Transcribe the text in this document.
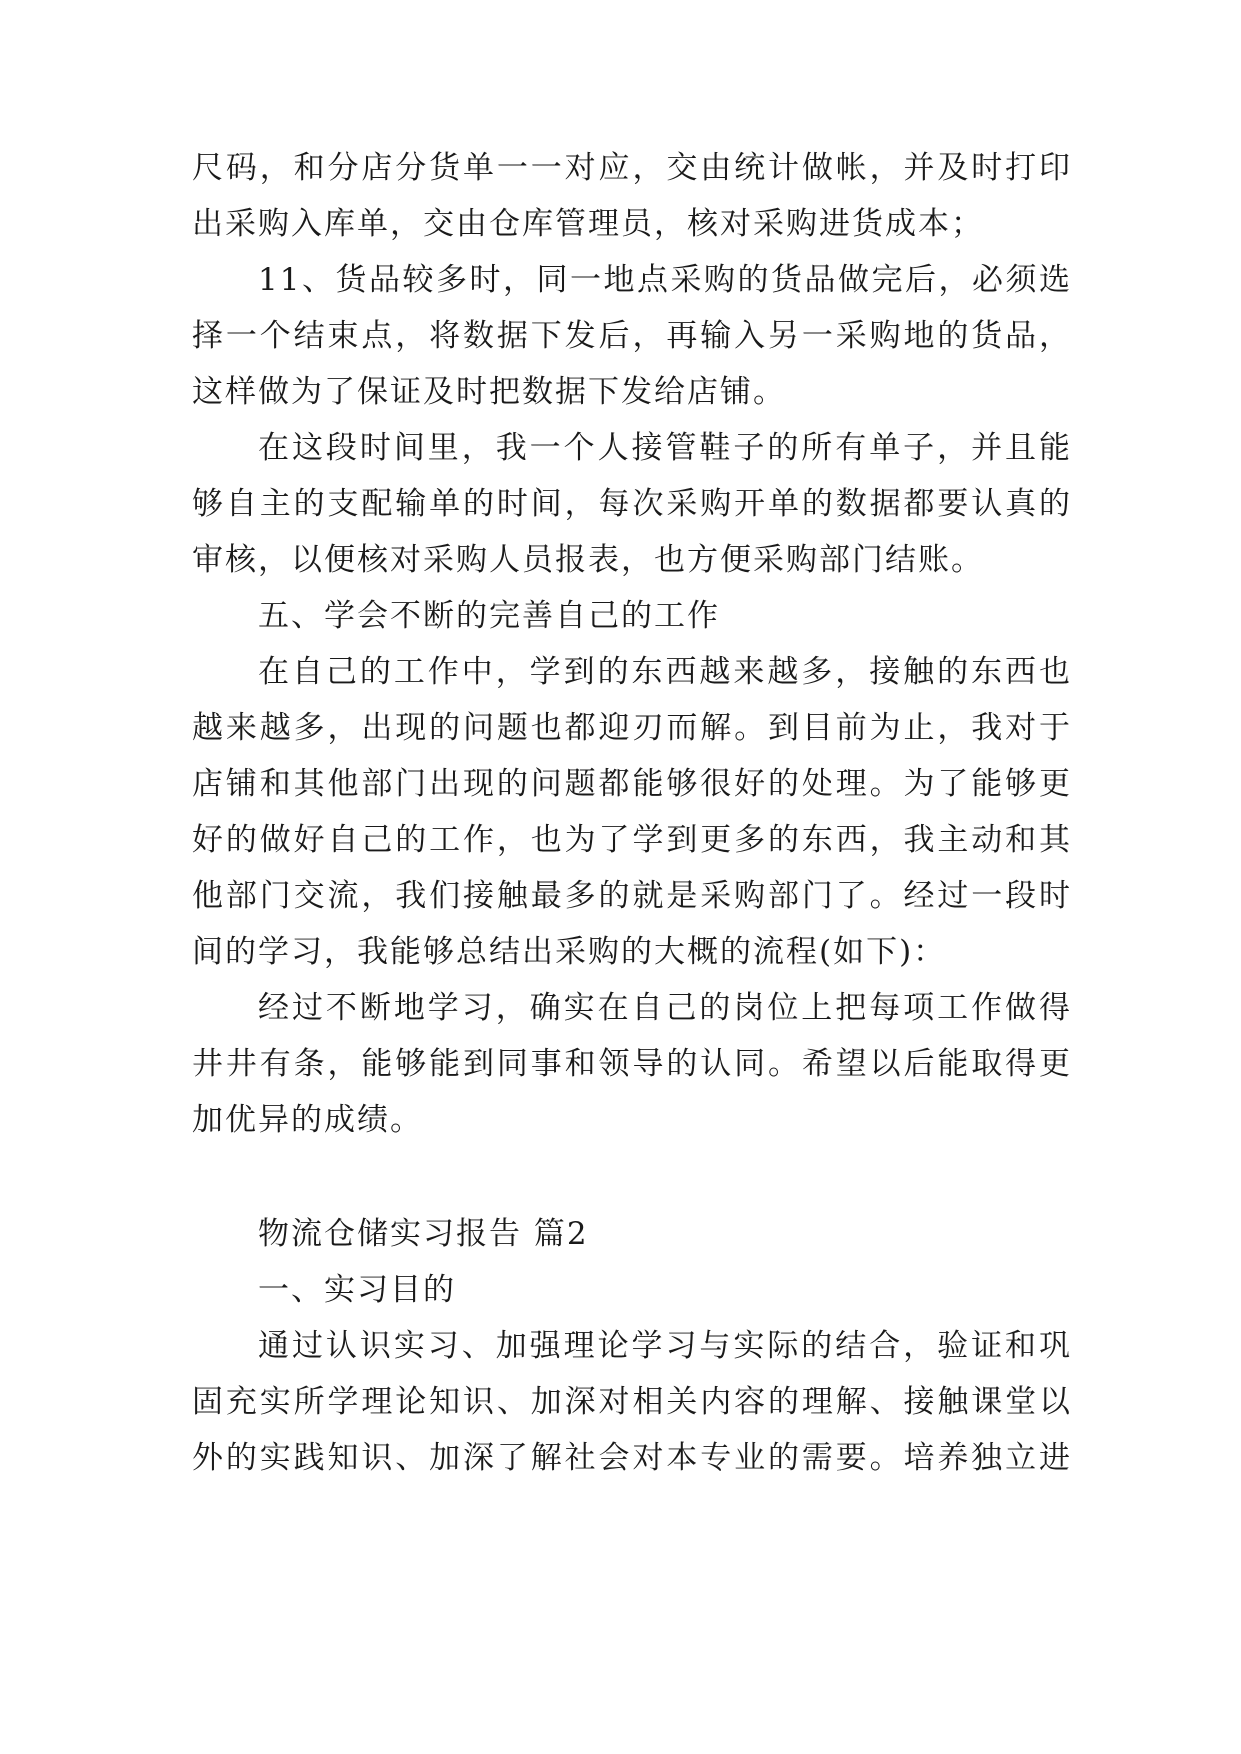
尺码，和分店分货单一一对应，交由统计做帐，并及时打印
出采购入库单，交由仓库管理员，核对采购进货成本；
11、货品较多时，同一地点采购的货品做完后，必须选
择一个结束点，将数据下发后，再输入另一采购地的货品，
这样做为了保证及时把数据下发给店铺。
在这段时间里，我一个人接管鞋子的所有单子，并且能
够自主的支配输单的时间，每次采购开单的数据都要认真的
审核，以便核对采购人员报表，也方便采购部门结账。
五、学会不断的完善自己的工作
在自己的工作中，学到的东西越来越多，接触的东西也
越来越多，出现的问题也都迎刃而解。到目前为止，我对于
店铺和其他部门出现的问题都能够很好的处理。为了能够更
好的做好自己的工作，也为了学到更多的东西，我主动和其
他部门交流，我们接触最多的就是采购部门了。经过一段时
间的学习，我能够总结出采购的大概的流程(如下)：
经过不断地学习，确实在自己的岗位上把每项工作做得
井井有条，能够能到同事和领导的认同。希望以后能取得更
加优异的成绩。
物流仓储实习报告 篇2
一、实习目的
通过认识实习、加强理论学习与实际的结合，验证和巩
固充实所学理论知识、加深对相关内容的理解、接触课堂以
外的实践知识、加深了解社会对本专业的需要。培养独立进
